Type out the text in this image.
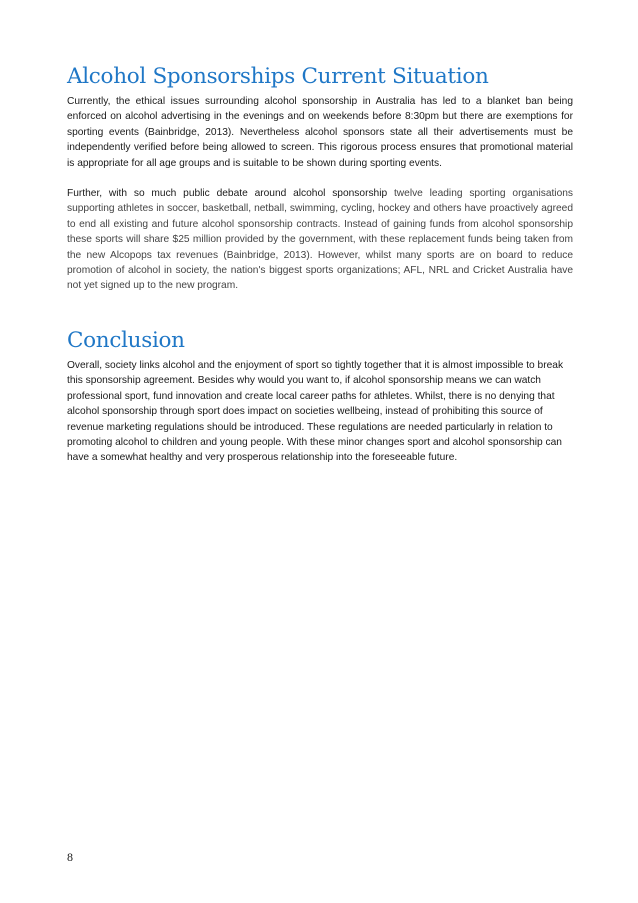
Alcohol Sponsorships Current Situation

Currently, the ethical issues surrounding alcohol sponsorship in Australia has led to a blanket ban being enforced on alcohol advertising in the evenings and on weekends before 8:30pm but there are exemptions for sporting events (Bainbridge, 2013). Nevertheless alcohol sponsors state all their advertisements must be independently verified before being allowed to screen. This rigorous process ensures that promotional material is appropriate for all age groups and is suitable to be shown during sporting events.

Further, with so much public debate around alcohol sponsorship twelve leading sporting organisations supporting athletes in soccer, basketball, netball, swimming, cycling, hockey and others have proactively agreed to end all existing and future alcohol sponsorship contracts. Instead of gaining funds from alcohol sponsorship these sports will share $25 million provided by the government, with these replacement funds being taken from the new Alcopops tax revenues (Bainbridge, 2013). However, whilst many sports are on board to reduce promotion of alcohol in society, the nation's biggest sports organizations; AFL, NRL and Cricket Australia have not yet signed up to the new program.

Conclusion

Overall, society links alcohol and the enjoyment of sport so tightly together that it is almost impossible to break this sponsorship agreement. Besides why would you want to, if alcohol sponsorship means we can watch professional sport, fund innovation and create local career paths for athletes. Whilst, there is no denying that alcohol sponsorship through sport does impact on societies wellbeing, instead of prohibiting this source of revenue marketing regulations should be introduced. These regulations are needed particularly in relation to promoting alcohol to children and young people. With these minor changes sport and alcohol sponsorship can have a somewhat healthy and very prosperous relationship into the foreseeable future.

8
